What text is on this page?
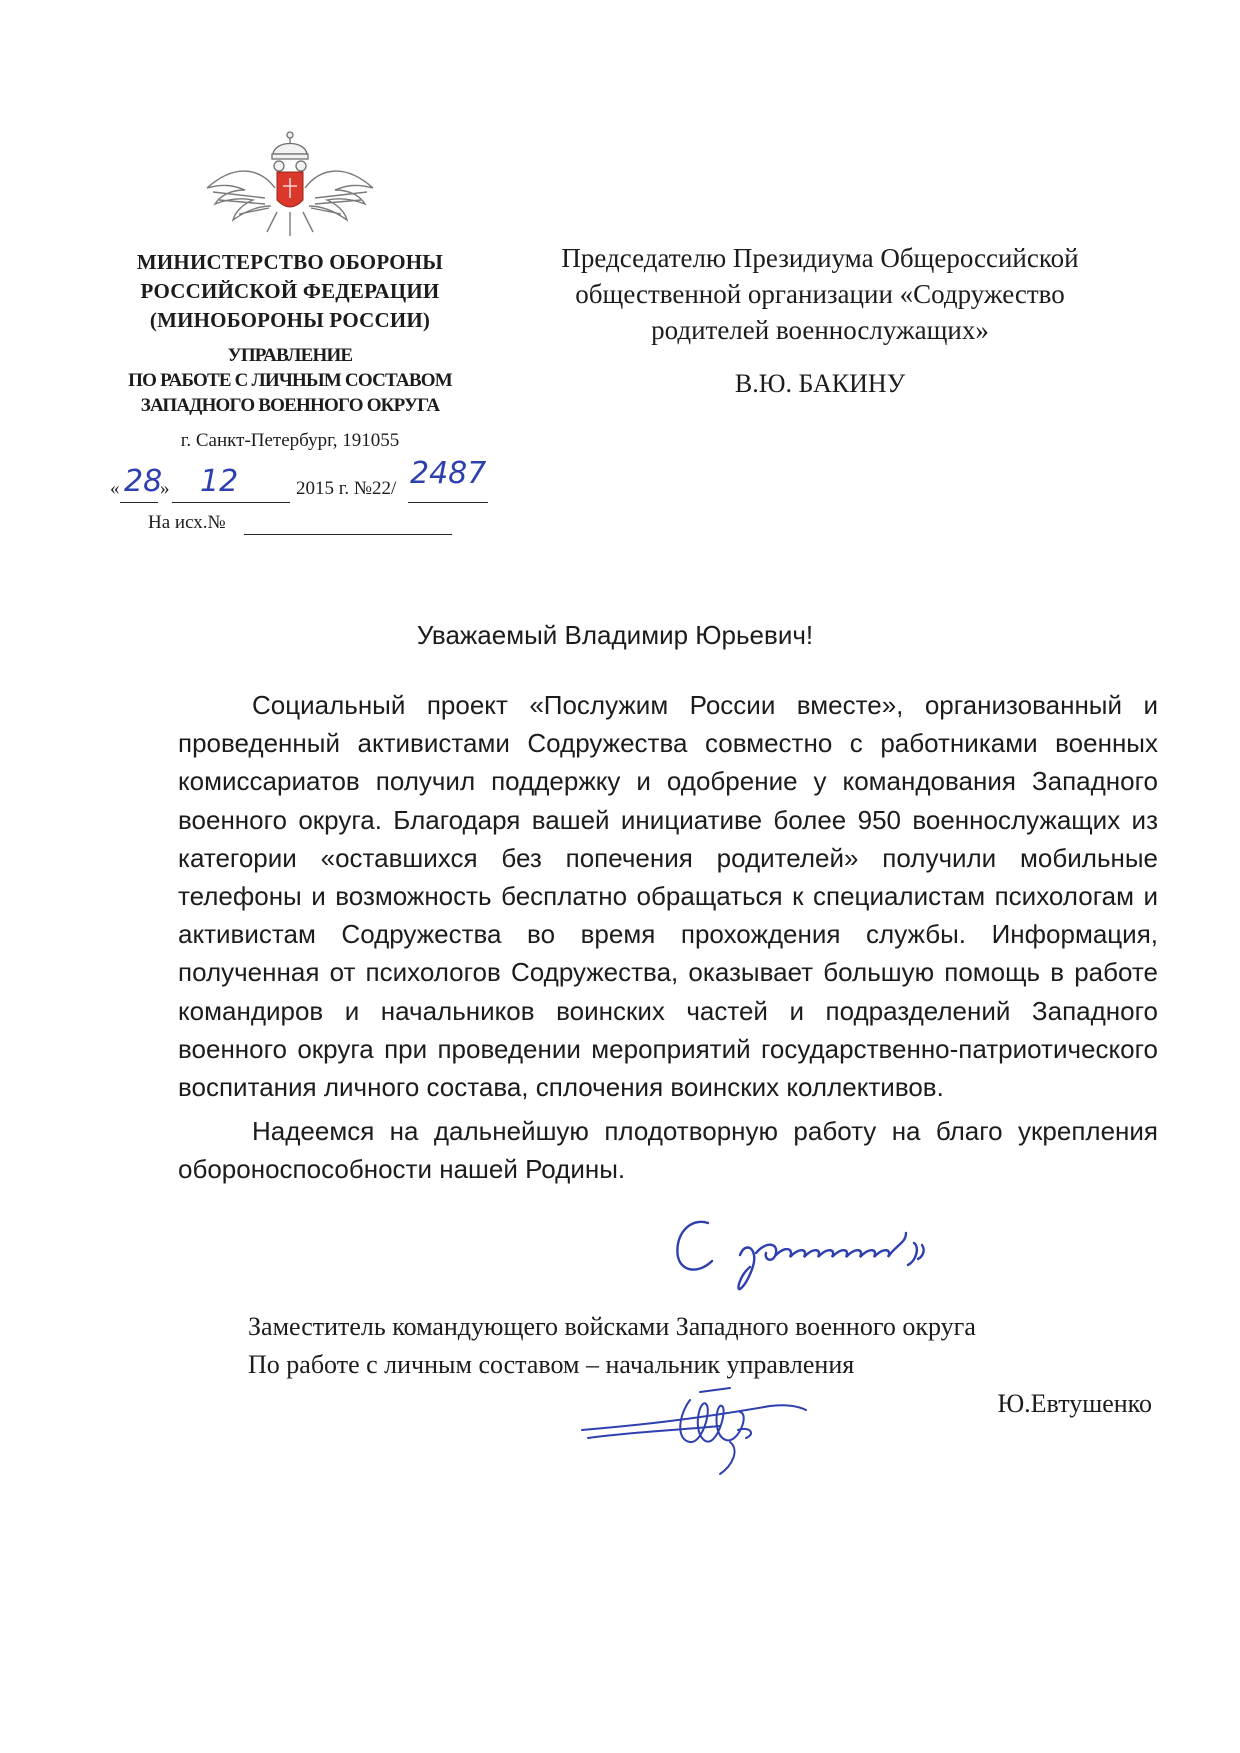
МИНИСТЕРСТВО ОБОРОНЫ
РОССИЙСКОЙ ФЕДЕРАЦИИ
(МИНОБОРОНЫ РОССИИ)
УПРАВЛЕНИЕ
ПО РАБОТЕ С ЛИЧНЫМ СОСТАВОМ
ЗАПАДНОГО ВОЕННОГО ОКРУГА
г. Санкт-Петербург, 191055
« 28
» 12	2015 г. №22/ 2487
На исх.№
Председателю Президиума Общероссийской
общественной организации «Содружество
родителей военнослужащих»
В.Ю. БАКИНУ
Уважаемый Владимир Юрьевич!

Социальный проект «Послужим России вместе», организованный и проведенный активистами Содружества совместно с работниками военных комиссариатов получил поддержку и одобрение у командования Западного военного округа. Благодаря вашей инициативе более 950 военнослужащих из категории «оставшихся без попечения родителей» получили мобильные телефоны и возможность бесплатно обращаться к специалистам психологам и активистам Содружества во время прохождения службы. Информация, полученная от психологов Содружества, оказывает большую помощь в работе командиров и начальников воинских частей и подразделений Западного военного округа при проведении мероприятий государственно-патриотического воспитания личного состава, сплочения воинских коллективов.

Надеемся на дальнейшую плодотворную работу на благо укрепления обороноспособности нашей Родины.

Заместитель командующего войсками Западного военного округа
По работе с личным составом – начальник управления
Ю.Евтушенко
